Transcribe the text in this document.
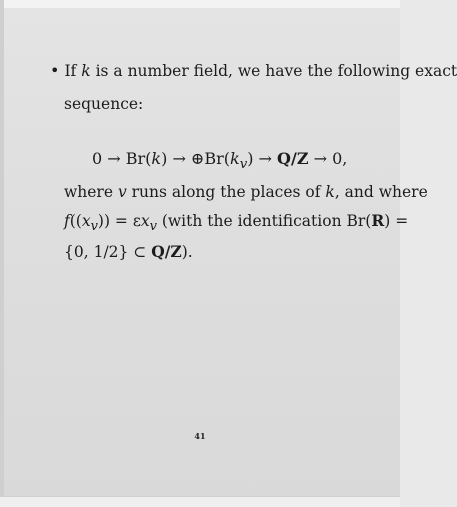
• If k is a number field, we have the following exact
sequence:
$0 \to Br(k) \to \oplus Br(k_v) \to Q/Z \to 0$,
where v runs along the places of k, and where
$f((x_v)) = \varepsilon x_v$ (with the identification Br(R) =
{0, 1/2} ⊂ Q/Z).
41
